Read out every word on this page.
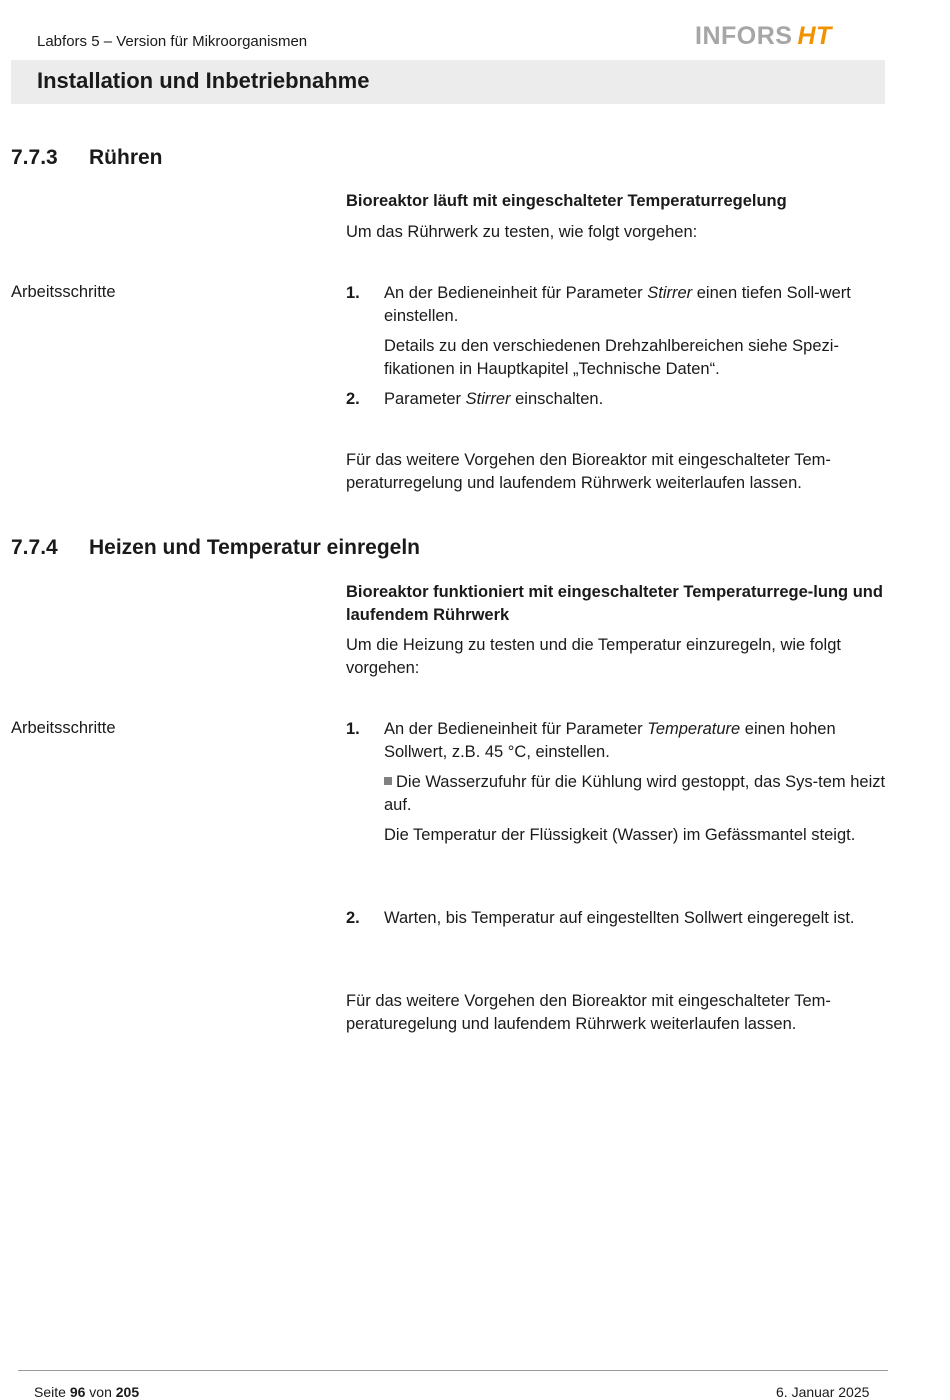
Labfors 5 – Version für Mikroorganismen	INFORS HT
Installation und Inbetriebnahme
7.7.3 Rühren
Bioreaktor läuft mit eingeschalteter Temperaturregelung
Um das Rührwerk zu testen, wie folgt vorgehen:
Arbeitsschritte	1. An der Bedieneinheit für Parameter Stirrer einen tiefen Soll-wert einstellen.
Details zu den verschiedenen Drehzahlbereichen siehe Spezi-fikationen in Hauptkapitel „Technische Daten“.
2. Parameter Stirrer einschalten.
Für das weitere Vorgehen den Bioreaktor mit eingeschalteter Tem-peraturregelung und laufendem Rührwerk weiterlaufen lassen.
7.7.4 Heizen und Temperatur einregeln
Bioreaktor funktioniert mit eingeschalteter Temperaturrege-lung und laufendem Rührwerk
Um die Heizung zu testen und die Temperatur einzuregeln, wie folgt vorgehen:
Arbeitsschritte	1. An der Bedieneinheit für Parameter Temperature einen hohen Sollwert, z.B. 45 °C, einstellen.
Die Wasserzufuhr für die Kühlung wird gestoppt, das Sys-tem heizt auf.
Die Temperatur der Flüssigkeit (Wasser) im Gefässmantel steigt.
2. Warten, bis Temperatur auf eingestellten Sollwert eingeregelt ist.
Für das weitere Vorgehen den Bioreaktor mit eingeschalteter Tem-peraturegelung und laufendem Rührwerk weiterlaufen lassen.
Seite 96 von 205	6. Januar 2025
